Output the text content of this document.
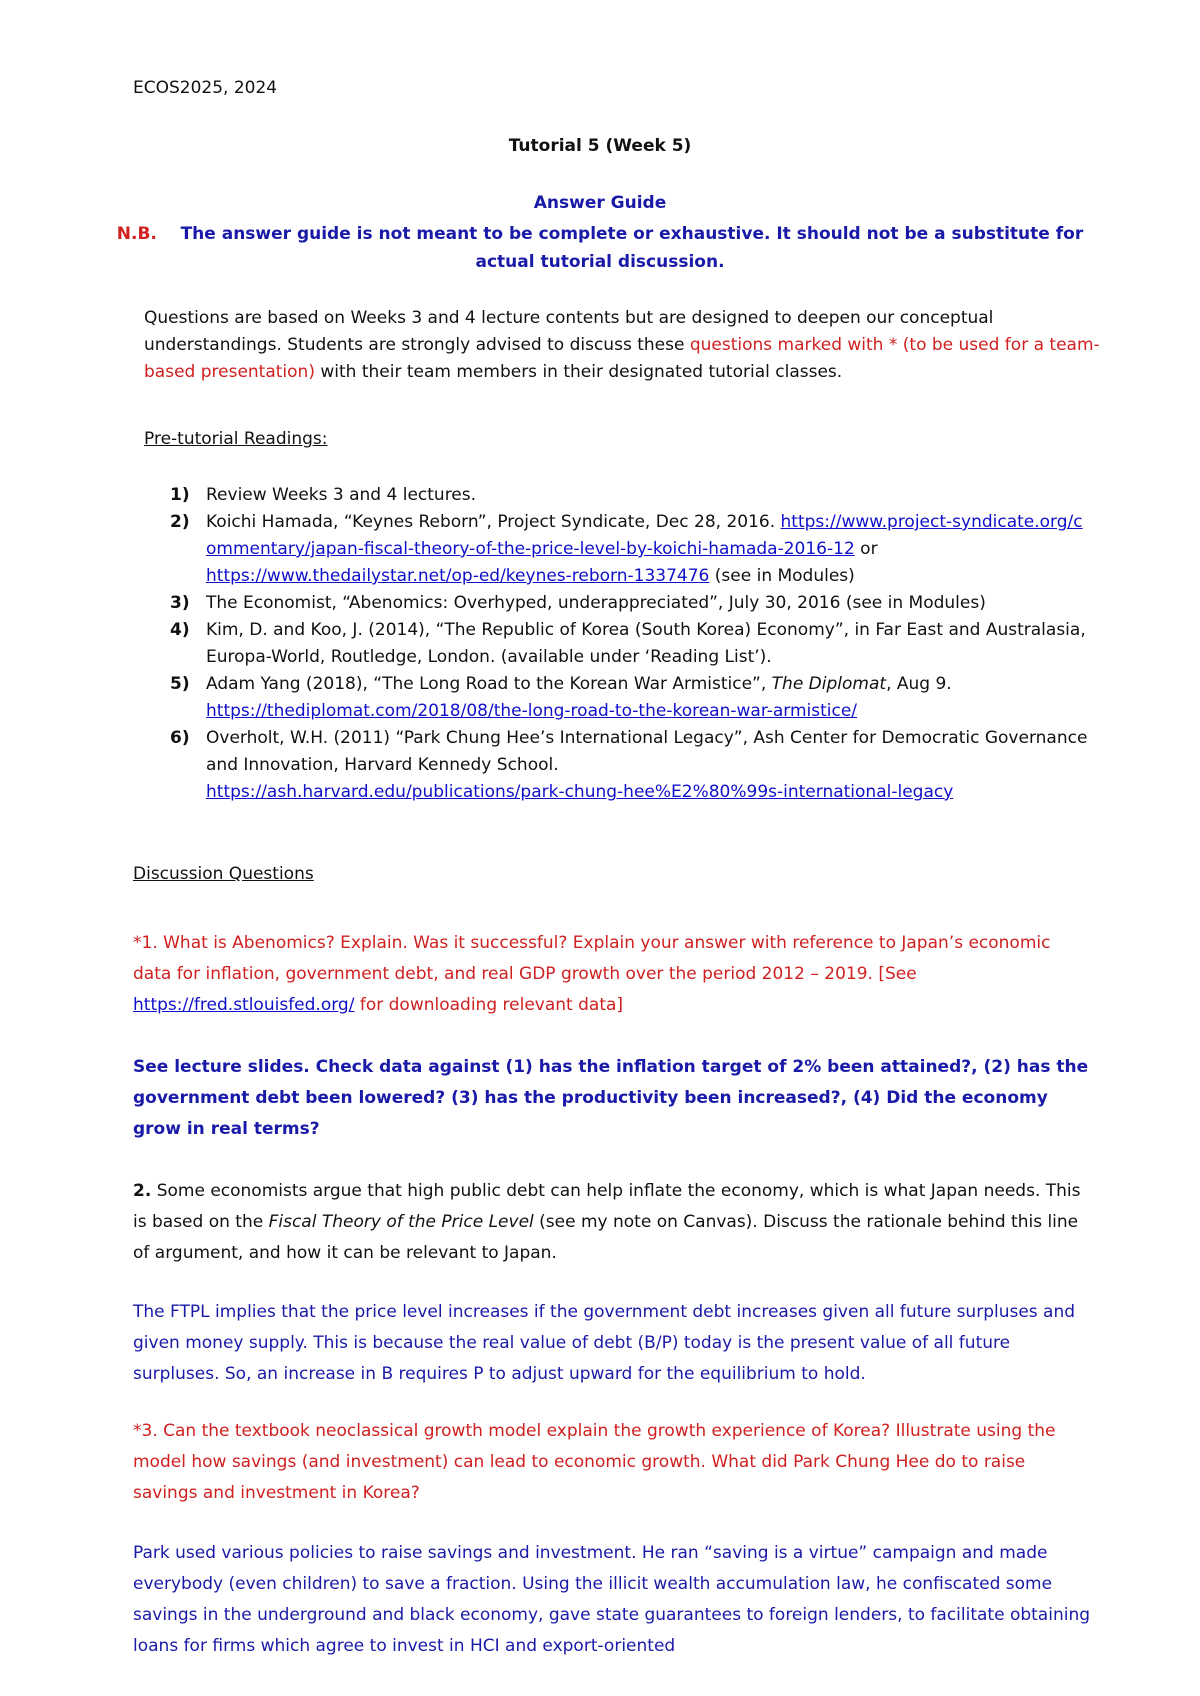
ECOS2025, 2024
Tutorial 5 (Week 5)
Answer Guide
N.B. The answer guide is not meant to be complete or exhaustive. It should not be a substitute for
actual tutorial discussion.
Questions are based on Weeks 3 and 4 lecture contents but are designed to deepen our conceptual understandings. Students are strongly advised to discuss these questions marked with * (to be used for a team-based presentation) with their team members in their designated tutorial classes.
Pre-tutorial Readings:
1) Review Weeks 3 and 4 lectures.
2) Koichi Hamada, “Keynes Reborn”, Project Syndicate, Dec 28, 2016. https://www.project-syndicate.org/commentary/japan-fiscal-theory-of-the-price-level-by-koichi-hamada-2016-12 or https://www.thedailystar.net/op-ed/keynes-reborn-1337476 (see in Modules)
3) The Economist, “Abenomics: Overhyped, underappreciated”, July 30, 2016 (see in Modules)
4) Kim, D. and Koo, J. (2014), “The Republic of Korea (South Korea) Economy”, in Far East and Australasia, Europa-World, Routledge, London. (available under ‘Reading List’).
5) Adam Yang (2018), “The Long Road to the Korean War Armistice”, The Diplomat, Aug 9.
https://thediplomat.com/2018/08/the-long-road-to-the-korean-war-armistice/
6) Overholt, W.H. (2011) “Park Chung Hee’s International Legacy”, Ash Center for Democratic Governance and Innovation, Harvard Kennedy School.
https://ash.harvard.edu/publications/park-chung-hee%E2%80%99s-international-legacy
Discussion Questions
*1. What is Abenomics? Explain. Was it successful? Explain your answer with reference to Japan’s economic data for inflation, government debt, and real GDP growth over the period 2012 – 2019. [See https://fred.stlouisfed.org/ for downloading relevant data]
See lecture slides. Check data against (1) has the inflation target of 2% been attained?, (2) has the government debt been lowered? (3) has the productivity been increased?, (4) Did the economy grow in real terms?
2. Some economists argue that high public debt can help inflate the economy, which is what Japan needs. This is based on the Fiscal Theory of the Price Level (see my note on Canvas). Discuss the rationale behind this line of argument, and how it can be relevant to Japan.
The FTPL implies that the price level increases if the government debt increases given all future surpluses and given money supply. This is because the real value of debt (B/P) today is the present value of all future surpluses. So, an increase in B requires P to adjust upward for the equilibrium to hold.
*3. Can the textbook neoclassical growth model explain the growth experience of Korea? Illustrate using the model how savings (and investment) can lead to economic growth. What did Park Chung Hee do to raise savings and investment in Korea?
Park used various policies to raise savings and investment. He ran “saving is a virtue” campaign and made everybody (even children) to save a fraction. Using the illicit wealth accumulation law, he confiscated some savings in the underground and black economy, gave state guarantees to foreign lenders, to facilitate obtaining loans for firms which agree to invest in HCI and export-oriented
